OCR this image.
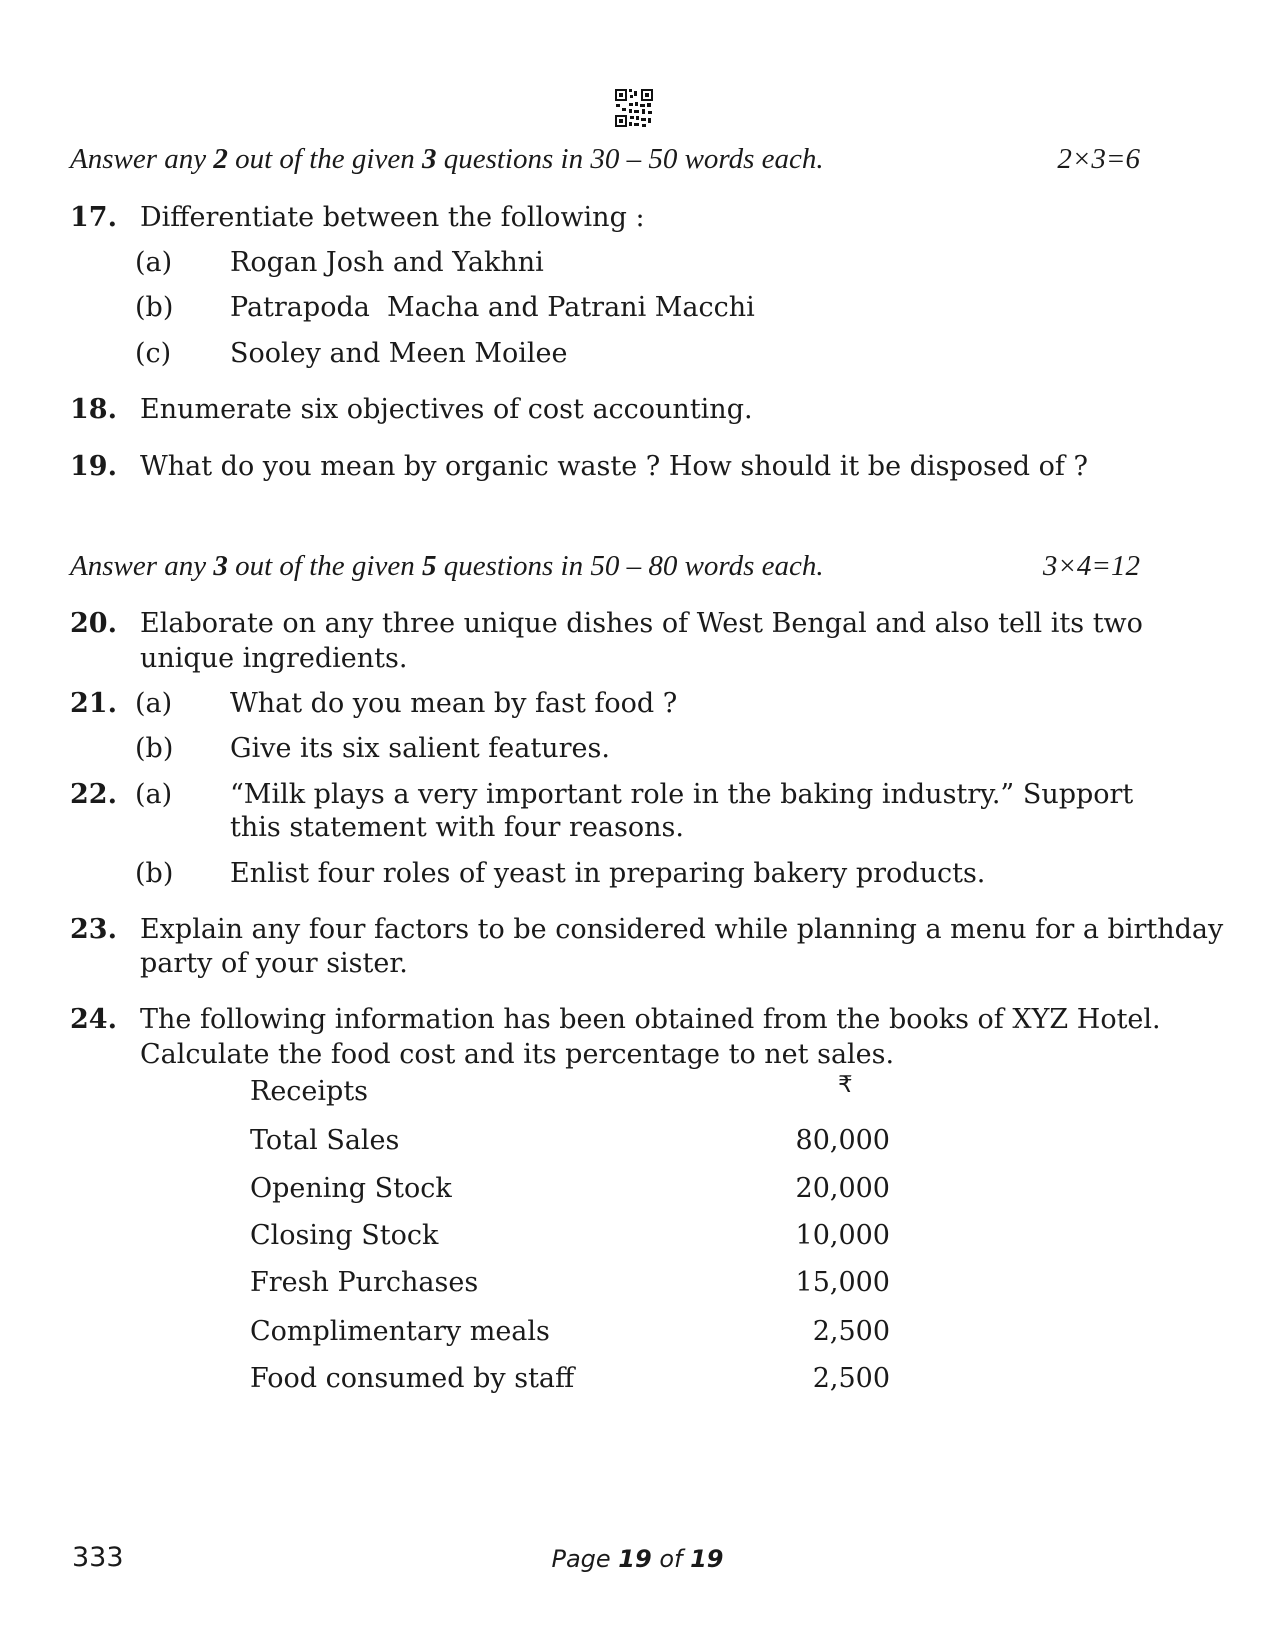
Answer any 2 out of the given 3 questions in 30 – 50 words each.	2×3=6
17. Differentiate between the following :
(a) Rogan Josh and Yakhni
(b) Patrapoda  Macha and Patrani Macchi
(c) Sooley and Meen Moilee
18. Enumerate six objectives of cost accounting.
19. What do you mean by organic waste ? How should it be disposed of ?
Answer any 3 out of the given 5 questions in 50 – 80 words each.	3×4=12
20. Elaborate on any three unique dishes of West Bengal and also tell its two
unique ingredients.
21. (a) What do you mean by fast food ?
(b) Give its six salient features.
22. (a) “Milk plays a very important role in the baking industry.” Support
this statement with four reasons.
(b) Enlist four roles of yeast in preparing bakery products.
23. Explain any four factors to be considered while planning a menu for a birthday
party of your sister.
24. The following information has been obtained from the books of XYZ Hotel.
Calculate the food cost and its percentage to net sales.
Receipts	₹
Total Sales	80,000
Opening Stock	20,000
Closing Stock	10,000
Fresh Purchases	15,000
Complimentary meals	2,500
Food consumed by staff	2,500
333	Page 19 of 19
